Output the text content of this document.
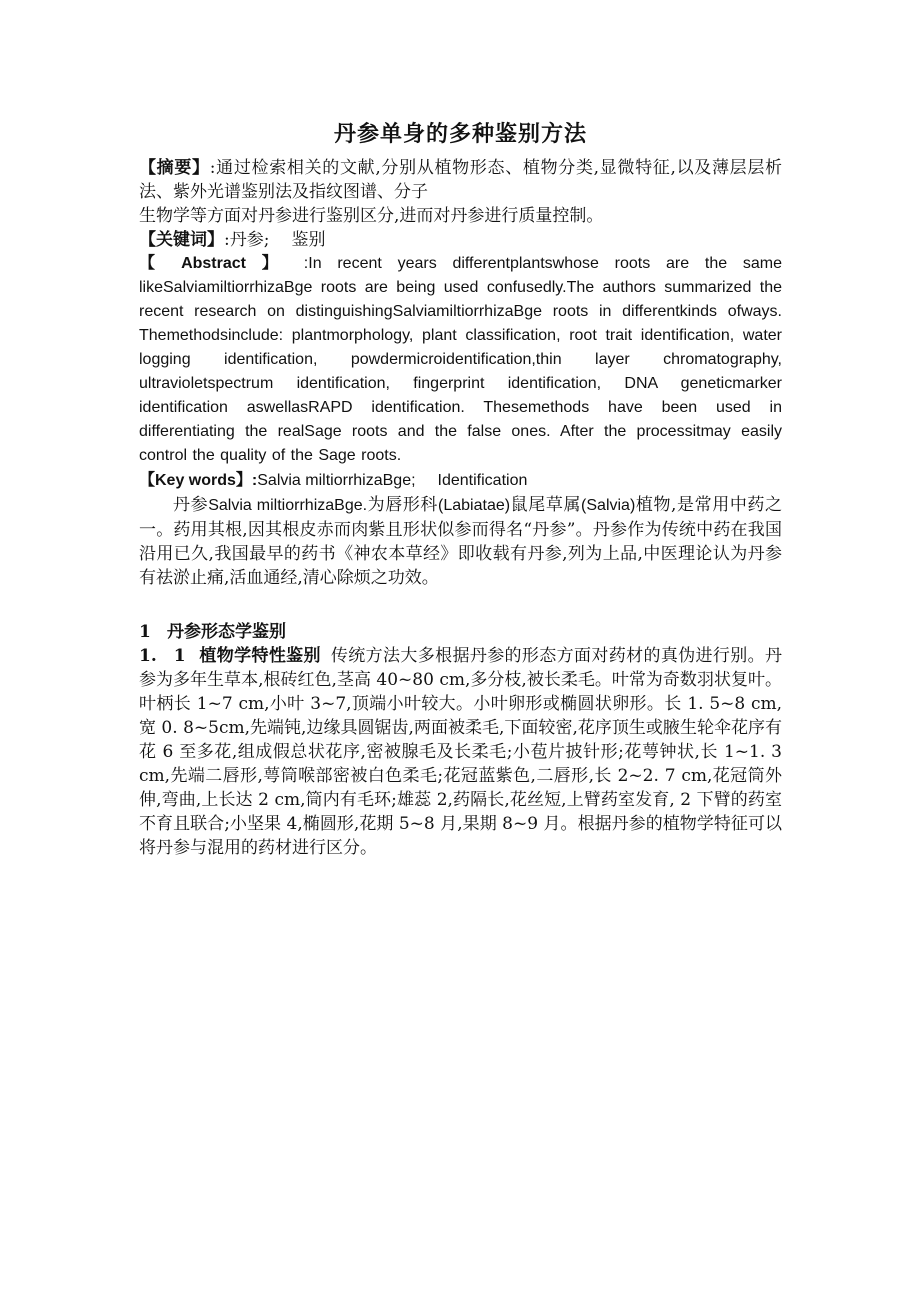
丹参单身的多种鉴别方法

【摘要】:通过检索相关的文献,分别从植物形态、植物分类,显微特征,以及薄层层析法、紫外光谱鉴别法及指纹图谱、分子
生物学等方面对丹参进行鉴别区分,进而对丹参进行质量控制。

【关键词】:丹参; 鉴别

【 Abstract 】 :In recent years differentplantswhose roots are the same likeSalviamiltiorrhizaBge roots are being used confusedly.The authors summarized the recent research on distinguishingSalviamiltiorrhizaBge roots in differentkinds ofways. Themethodsinclude: plantmorphology, plant classification, root trait identification, water logging identification, powdermicroidentification,thin layer chromatography, ultravioletspectrum identification, fingerprint identification, DNA geneticmarker identification aswellasRAPD identification. Thesemethods have been used in differentiating the realSage roots and the false ones. After the processitmay easily control the quality of the Sage roots.

【Key words】:Salvia miltiorrhizaBge; Identification

丹参Salvia miltiorrhizaBge.为唇形科(Labiatae)鼠尾草属(Salvia)植物,是常用中药之一。药用其根,因其根皮赤而肉紫且形状似参而得名“丹参”。丹参作为传统中药在我国沿用已久,我国最早的药书《神农本草经》即收载有丹参,列为上品,中医理论认为丹参有祛淤止痛,活血通经,清心除烦之功效。

1 丹参形态学鉴别

1.　1 植物学特性鉴别 传统方法大多根据丹参的形态方面对药材的真伪进行别。丹参为多年生草本,根砖红色,茎高 40~80 cm,多分枝,被长柔毛。叶常为奇数羽状复叶。叶柄长 1~7 cm,小叶 3~7,顶端小叶较大。小叶卵形或椭圆状卵形。长 1. 5~8 cm,宽 0. 8~5cm,先端钝,边缘具圆锯齿,两面被柔毛,下面较密,花序顶生或腋生轮伞花序有花 6 至多花,组成假总状花序,密被腺毛及长柔毛;小苞片披针形;花萼钟状,长 1~1. 3 cm,先端二唇形,萼筒喉部密被白色柔毛;花冠蓝紫色,二唇形,长 2~2. 7 cm,花冠筒外伸,弯曲,上长达 2 cm,筒内有毛环;雄蕊 2,药隔长,花丝短,上臂药室发育, 2 下臂的药室不育且联合;小坚果 4,椭圆形,花期 5~8 月,果期 8~9 月。根据丹参的植物学特征可以将丹参与混用的药材进行区分。
